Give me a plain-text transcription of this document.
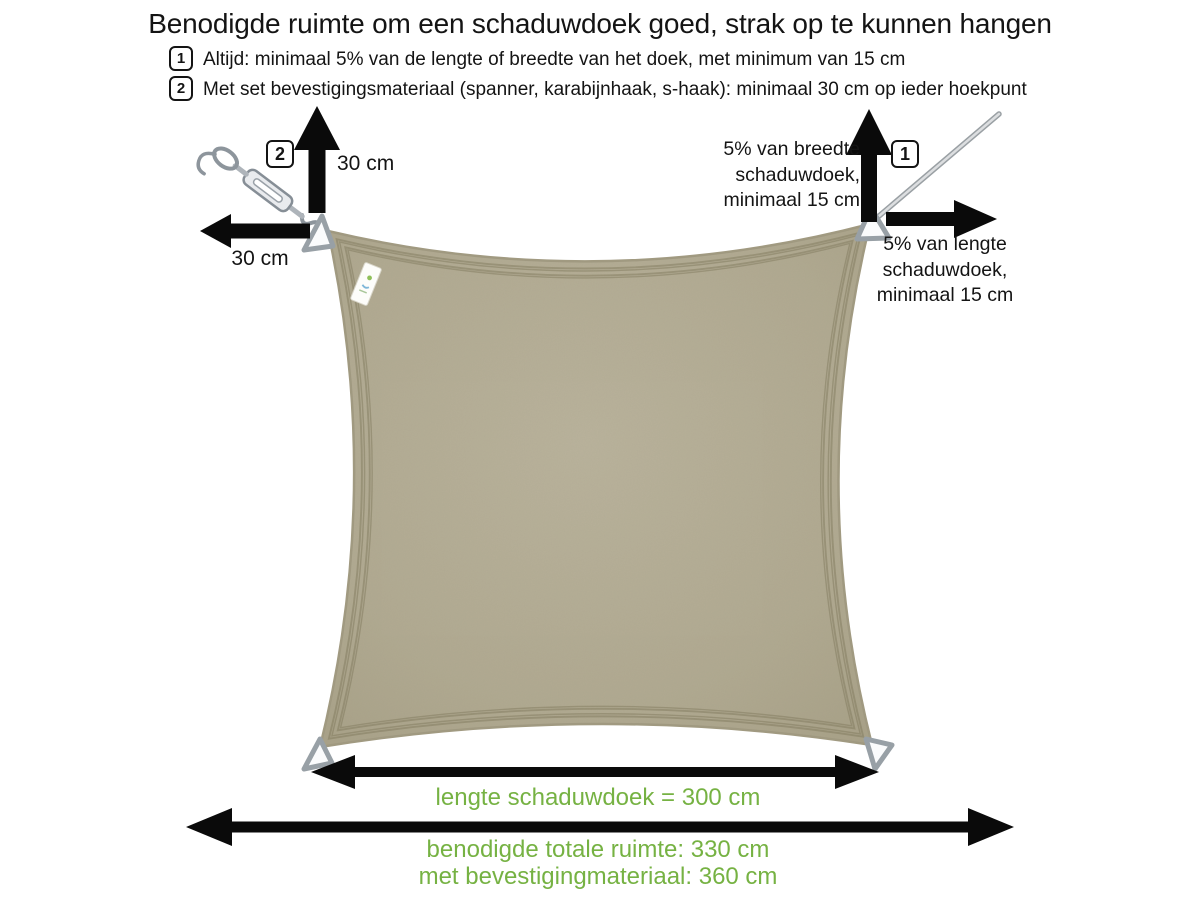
Benodigde ruimte om een schaduwdoek goed, strak op te kunnen hangen
1 Altijd: minimaal 5% van de lengte of breedte van het doek, met minimum van 15 cm
2 Met set bevestigingsmateriaal (spanner, karabijnhaak, s-haak): minimaal 30 cm op ieder hoekpunt
2	30 cm
30 cm
1
5% van breedte schaduwdoek, minimaal 15 cm
5% van lengte schaduwdoek, minimaal 15 cm
lengte schaduwdoek = 300 cm
benodigde totale ruimte: 330 cm
met bevestigingmateriaal: 360 cm
